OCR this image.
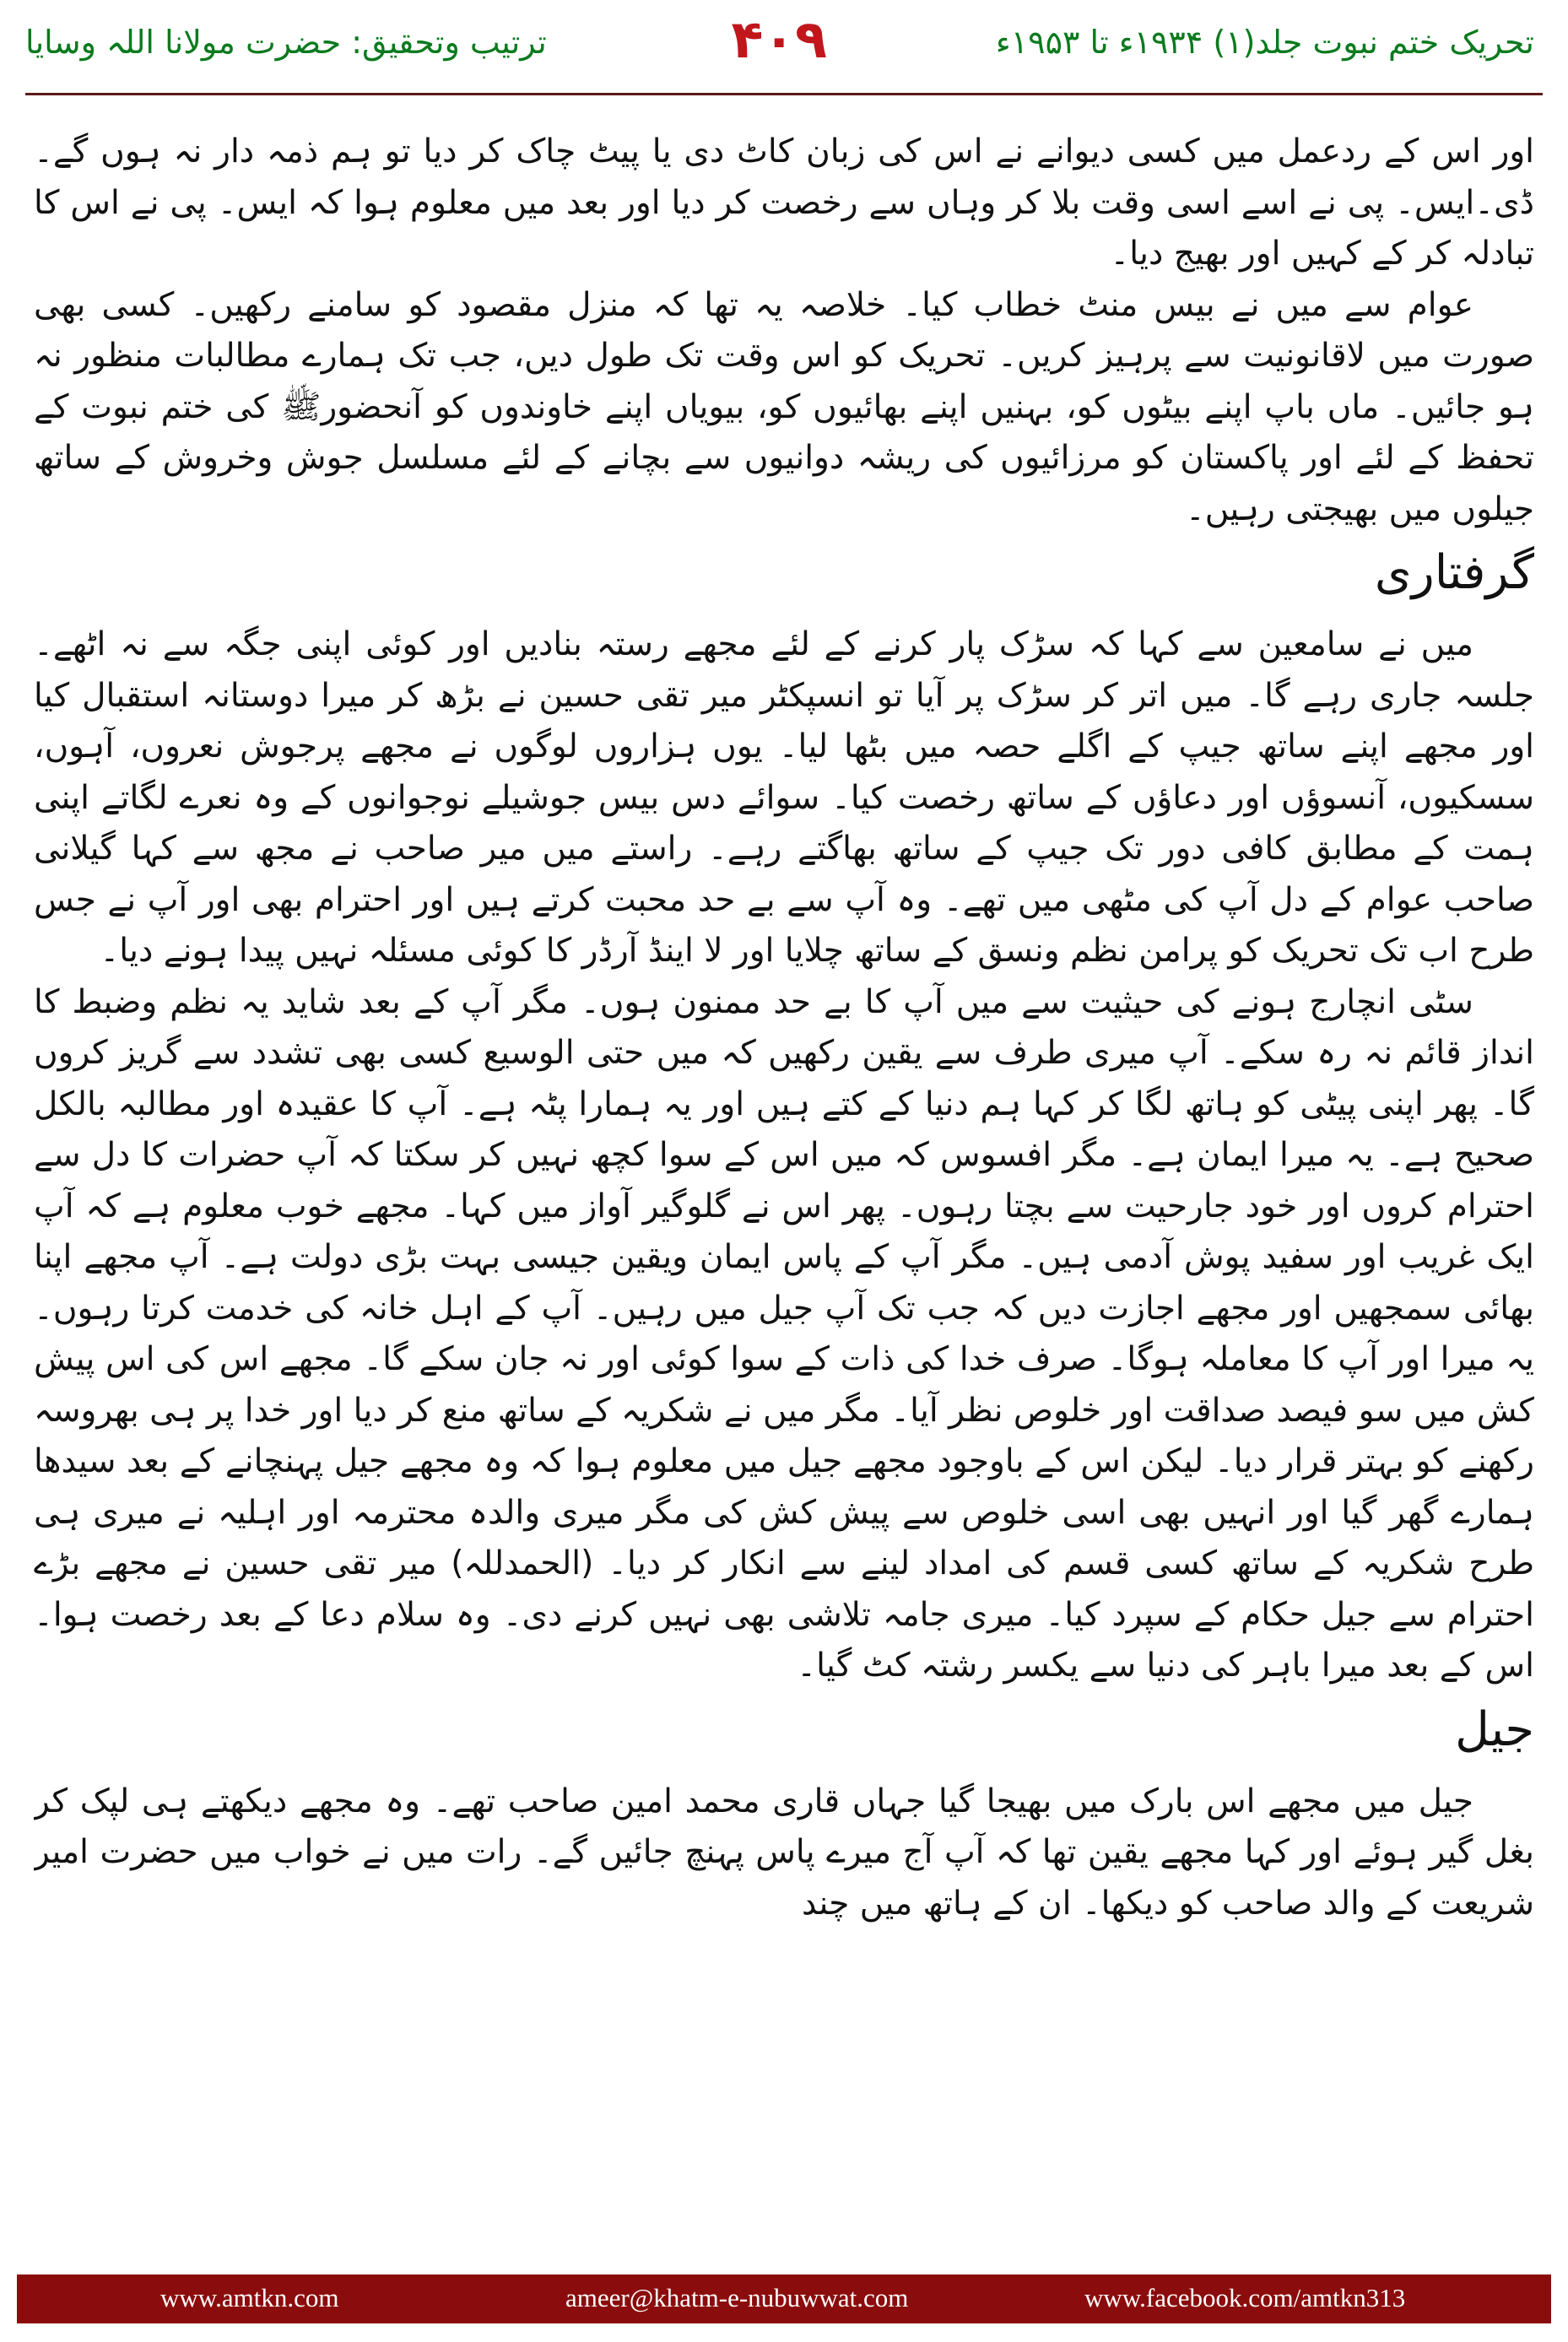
تحریک ختم نبوت جلد(۱) ۱۹۳۴ء تا ۱۹۵۳ء
۴۰۹
ترتیب وتحقیق: حضرت مولانا اللہ وسایا

اور اس کے ردعمل میں کسی دیوانے نے اس کی زبان کاٹ دی یا پیٹ چاک کر دیا تو ہم ذمہ دار نہ ہوں گے۔ ڈی۔ایس۔ پی نے اسے اسی وقت بلا کر وہاں سے رخصت کر دیا اور بعد میں معلوم ہوا کہ ایس۔ پی نے اس کا تبادلہ کر کے کہیں اور بھیج دیا۔

عوام سے میں نے بیس منٹ خطاب کیا۔ خلاصہ یہ تھا کہ منزل مقصود کو سامنے رکھیں۔ کسی بھی صورت میں لاقانونیت سے پرہیز کریں۔ تحریک کو اس وقت تک طول دیں، جب تک ہمارے مطالبات منظور نہ ہو جائیں۔ ماں باپ اپنے بیٹوں کو، بہنیں اپنے بھائیوں کو، بیویاں اپنے خاوندوں کو آنحضورﷺ کی ختم نبوت کے تحفظ کے لئے اور پاکستان کو مرزائیوں کی ریشہ دوانیوں سے بچانے کے لئے مسلسل جوش وخروش کے ساتھ جیلوں میں بھیجتی رہیں۔

گرفتاری

میں نے سامعین سے کہا کہ سڑک پار کرنے کے لئے مجھے رستہ بنادیں اور کوئی اپنی جگہ سے نہ اٹھے۔ جلسہ جاری رہے گا۔ میں اتر کر سڑک پر آیا تو انسپکٹر میر تقی حسین نے بڑھ کر میرا دوستانہ استقبال کیا اور مجھے اپنے ساتھ جیپ کے اگلے حصہ میں بٹھا لیا۔ یوں ہزاروں لوگوں نے مجھے پرجوش نعروں، آہوں، سسکیوں، آنسوؤں اور دعاؤں کے ساتھ رخصت کیا۔ سوائے دس بیس جوشیلے نوجوانوں کے وہ نعرے لگاتے اپنی ہمت کے مطابق کافی دور تک جیپ کے ساتھ بھاگتے رہے۔ راستے میں میر صاحب نے مجھ سے کہا گیلانی صاحب عوام کے دل آپ کی مٹھی میں تھے۔ وہ آپ سے بے حد محبت کرتے ہیں اور احترام بھی اور آپ نے جس طرح اب تک تحریک کو پرامن نظم ونسق کے ساتھ چلایا اور لا اینڈ آرڈر کا کوئی مسئلہ نہیں پیدا ہونے دیا۔

سٹی انچارج ہونے کی حیثیت سے میں آپ کا بے حد ممنون ہوں۔ مگر آپ کے بعد شاید یہ نظم وضبط کا انداز قائم نہ رہ سکے۔ آپ میری طرف سے یقین رکھیں کہ میں حتی الوسیع کسی بھی تشدد سے گریز کروں گا۔ پھر اپنی پیٹی کو ہاتھ لگا کر کہا ہم دنیا کے کتے ہیں اور یہ ہمارا پٹہ ہے۔ آپ کا عقیدہ اور مطالبہ بالکل صحیح ہے۔ یہ میرا ایمان ہے۔ مگر افسوس کہ میں اس کے سوا کچھ نہیں کر سکتا کہ آپ حضرات کا دل سے احترام کروں اور خود جارحیت سے بچتا رہوں۔ پھر اس نے گلوگیر آواز میں کہا۔ مجھے خوب معلوم ہے کہ آپ ایک غریب اور سفید پوش آدمی ہیں۔ مگر آپ کے پاس ایمان ویقین جیسی بہت بڑی دولت ہے۔ آپ مجھے اپنا بھائی سمجھیں اور مجھے اجازت دیں کہ جب تک آپ جیل میں رہیں۔ آپ کے اہل خانہ کی خدمت کرتا رہوں۔ یہ میرا اور آپ کا معاملہ ہوگا۔ صرف خدا کی ذات کے سوا کوئی اور نہ جان سکے گا۔ مجھے اس کی اس پیش کش میں سو فیصد صداقت اور خلوص نظر آیا۔ مگر میں نے شکریہ کے ساتھ منع کر دیا اور خدا پر ہی بھروسہ رکھنے کو بہتر قرار دیا۔ لیکن اس کے باوجود مجھے جیل میں معلوم ہوا کہ وہ مجھے جیل پہنچانے کے بعد سیدھا ہمارے گھر گیا اور انہیں بھی اسی خلوص سے پیش کش کی مگر میری والدہ محترمہ اور اہلیہ نے میری ہی طرح شکریہ کے ساتھ کسی قسم کی امداد لینے سے انکار کر دیا۔ (الحمدللہ) میر تقی حسین نے مجھے بڑے احترام سے جیل حکام کے سپرد کیا۔ میری جامہ تلاشی بھی نہیں کرنے دی۔ وہ سلام دعا کے بعد رخصت ہوا۔ اس کے بعد میرا باہر کی دنیا سے یکسر رشتہ کٹ گیا۔

جیل

جیل میں مجھے اس بارک میں بھیجا گیا جہاں قاری محمد امین صاحب تھے۔ وہ مجھے دیکھتے ہی لپک کر بغل گیر ہوئے اور کہا مجھے یقین تھا کہ آپ آج میرے پاس پہنچ جائیں گے۔ رات میں نے خواب میں حضرت امیر شریعت کے والد صاحب کو دیکھا۔ ان کے ہاتھ میں چند

www.amtkn.com	ameer@khatm-e-nubuwwat.com	www.facebook.com/amtkn313
